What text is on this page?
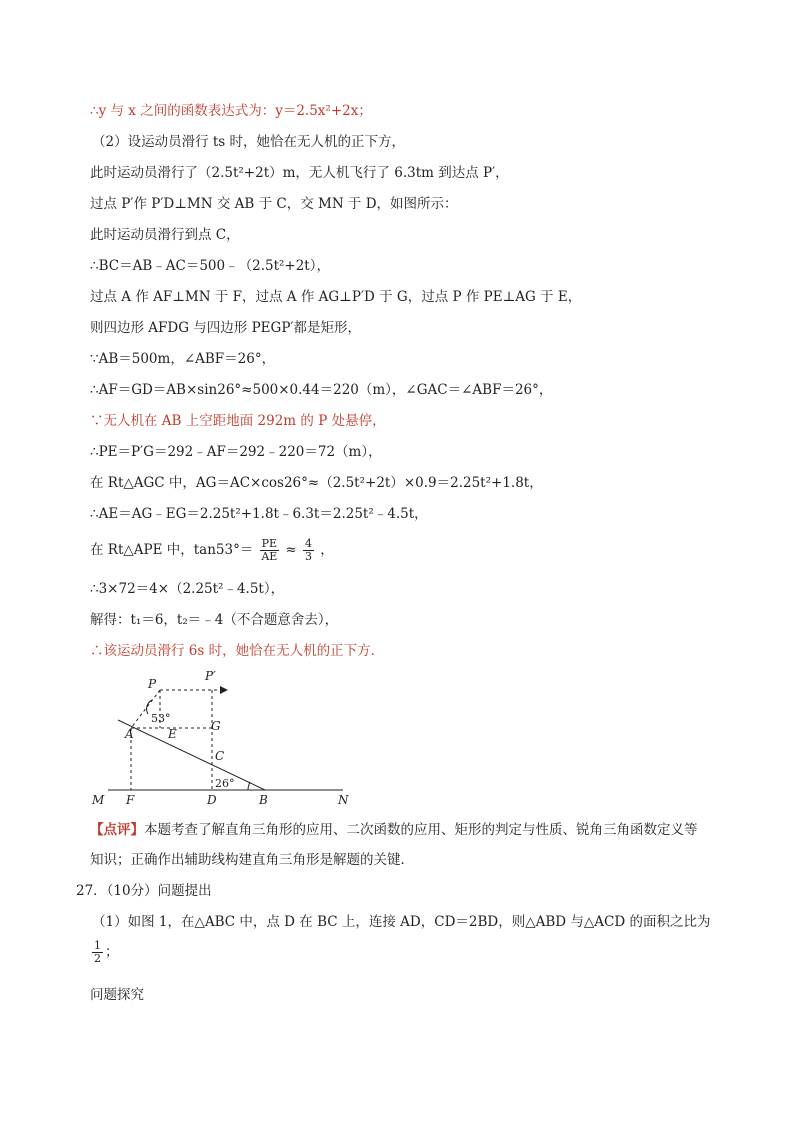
∴y 与 x 之间的函数表达式为：y＝2.5x²+2x；
（2）设运动员滑行 ts 时，她恰在无人机的正下方，
此时运动员滑行了（2.5t²+2t）m，无人机飞行了 6.3tm 到达点 P′，
过点 P′作 P′D⊥MN 交 AB 于 C，交 MN 于 D，如图所示：
此时运动员滑行到点 C，
∴BC＝AB﹣AC＝500﹣（2.5t²+2t），
过点 A 作 AF⊥MN 于 F，过点 A 作 AG⊥P′D 于 G，过点 P 作 PE⊥AG 于 E，
则四边形 AFDG 与四边形 PEGP′都是矩形，
∵AB＝500m，∠ABF＝26°，
∴AF＝GD＝AB×sin26°≈500×0.44＝220（m），∠GAC＝∠ABF＝26°，
∵无人机在 AB 上空距地面 292m 的 P 处悬停，
∴PE＝P′G＝292﹣AF＝292﹣220＝72（m），
在 Rt△AGC 中，AG＝AC×cos26°≈（2.5t²+2t）×0.9＝2.25t²+1.8t，
∴AE＝AG﹣EG＝2.25t²+1.8t﹣6.3t＝2.25t²﹣4.5t，
在 Rt△APE 中，$\tan 53^\circ= \frac{PE}{AE} \approx \frac{4}{3}$ ，
∴3×72＝4×（2.25t²﹣4.5t），
解得：t₁＝6，t₂＝﹣4（不合题意舍去），
∴该运动员滑行 6s 时，她恰在无人机的正下方．
P
P′
G
A	E
C
M F	D	B	N
53°
26°
【点评】本题考查了解直角三角形的应用、二次函数的应用、矩形的判定与性质、锐角三角函数定义等
知识；正确作出辅助线构建直角三角形是解题的关键．
27．（10分）问题提出
（1）如图 1，在△ABC 中，点 D 在 BC 上，连接 AD，CD＝2BD，则△ABD 与△ACD 的面积之比为
$\frac{1}{2}$ ；
问题探究
